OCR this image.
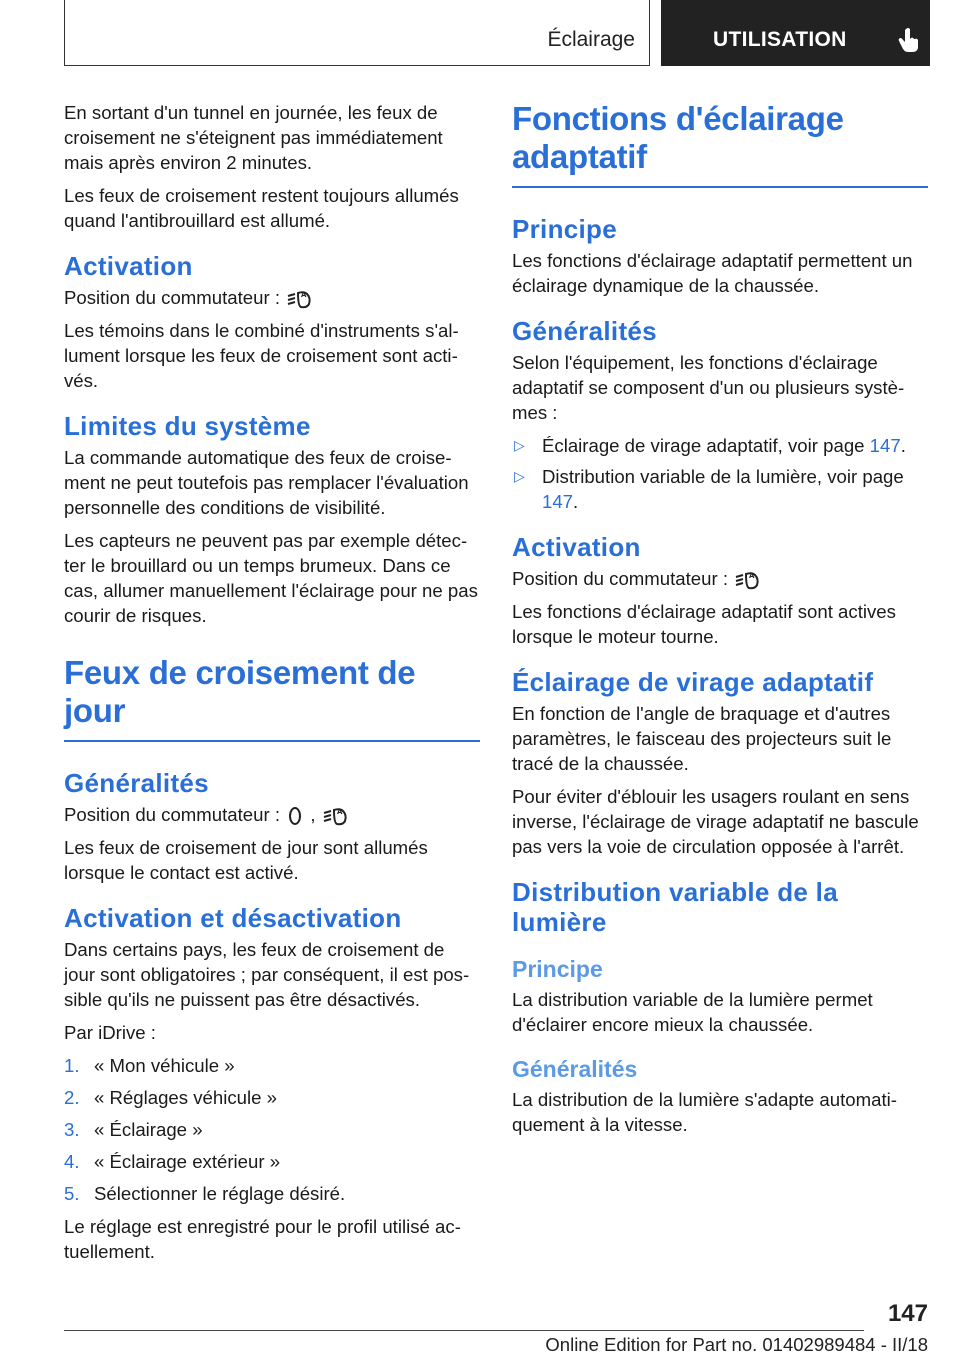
Éclairage	UTILISATION

En sortant d'un tunnel en journée, les feux de croisement ne s'éteignent pas immédiatement mais après environ 2 minutes.

Les feux de croisement restent toujours allumés quand l'antibrouillard est allumé.

Activation

Position du commutateur :	A

Les témoins dans le combiné d'instruments s'allument lorsque les feux de croisement sont activés.

Limites du système

La commande automatique des feux de croisement ne peut toutefois pas remplacer l'évaluation personnelle des conditions de visibilité.

Les capteurs ne peuvent pas par exemple détecter le brouillard ou un temps brumeux. Dans ce cas, allumer manuellement l'éclairage pour ne pas courir de risques.

Feux de croisement de jour
Généralités

Position du commutateur : ,	A

Les feux de croisement de jour sont allumés lorsque le contact est activé.

Activation et désactivation

Dans certains pays, les feux de croisement de jour sont obligatoires ; par conséquent, il est possible qu'ils ne puissent pas être désactivés.

Par iDrive :

1. « Mon véhicule »
2. « Réglages véhicule »
3. « Éclairage »
4. « Éclairage extérieur »
5. Sélectionner le réglage désiré.

Le réglage est enregistré pour le profil utilisé actuellement.

Fonctions d'éclairage adaptatif
Principe

Les fonctions d'éclairage adaptatif permettent un éclairage dynamique de la chaussée.

Généralités

Selon l'équipement, les fonctions d'éclairage adaptatif se composent d'un ou plusieurs systèmes :

▷ Éclairage de virage adaptatif, voir page 147.
▷ Distribution variable de la lumière, voir page 147.
Activation

Position du commutateur :	A

Les fonctions d'éclairage adaptatif sont actives lorsque le moteur tourne.

Éclairage de virage adaptatif

En fonction de l'angle de braquage et d'autres paramètres, le faisceau des projecteurs suit le tracé de la chaussée.

Pour éviter d'éblouir les usagers roulant en sens inverse, l'éclairage de virage adaptatif ne bascule pas vers la voie de circulation opposée à l'arrêt.

Distribution variable de la lumière
Principe

La distribution variable de la lumière permet d'éclairer encore mieux la chaussée.

Généralités

La distribution de la lumière s'adapte automatiquement à la vitesse.

147
Online Edition for Part no. 01402989484 - II/18
